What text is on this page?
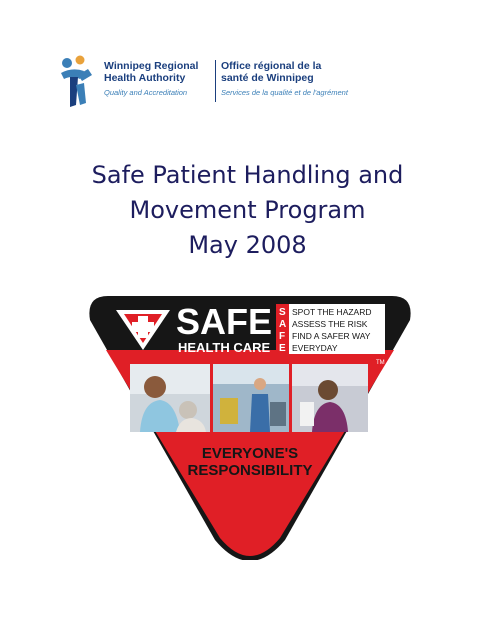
Winnipeg Regional
Health Authority
Quality and Accreditation
Office régional de la
santé de Winnipeg
Services de la qualité et de l'agrément
Safe Patient Handling and
Movement Program
May 2008
SAFE
HEALTH CARE
S
A
F
E
SPOT THE HAZARD
ASSESS THE RISK
FIND A SAFER WAY
EVERYDAY
TM
EVERYONE'S
RESPONSIBILITY
